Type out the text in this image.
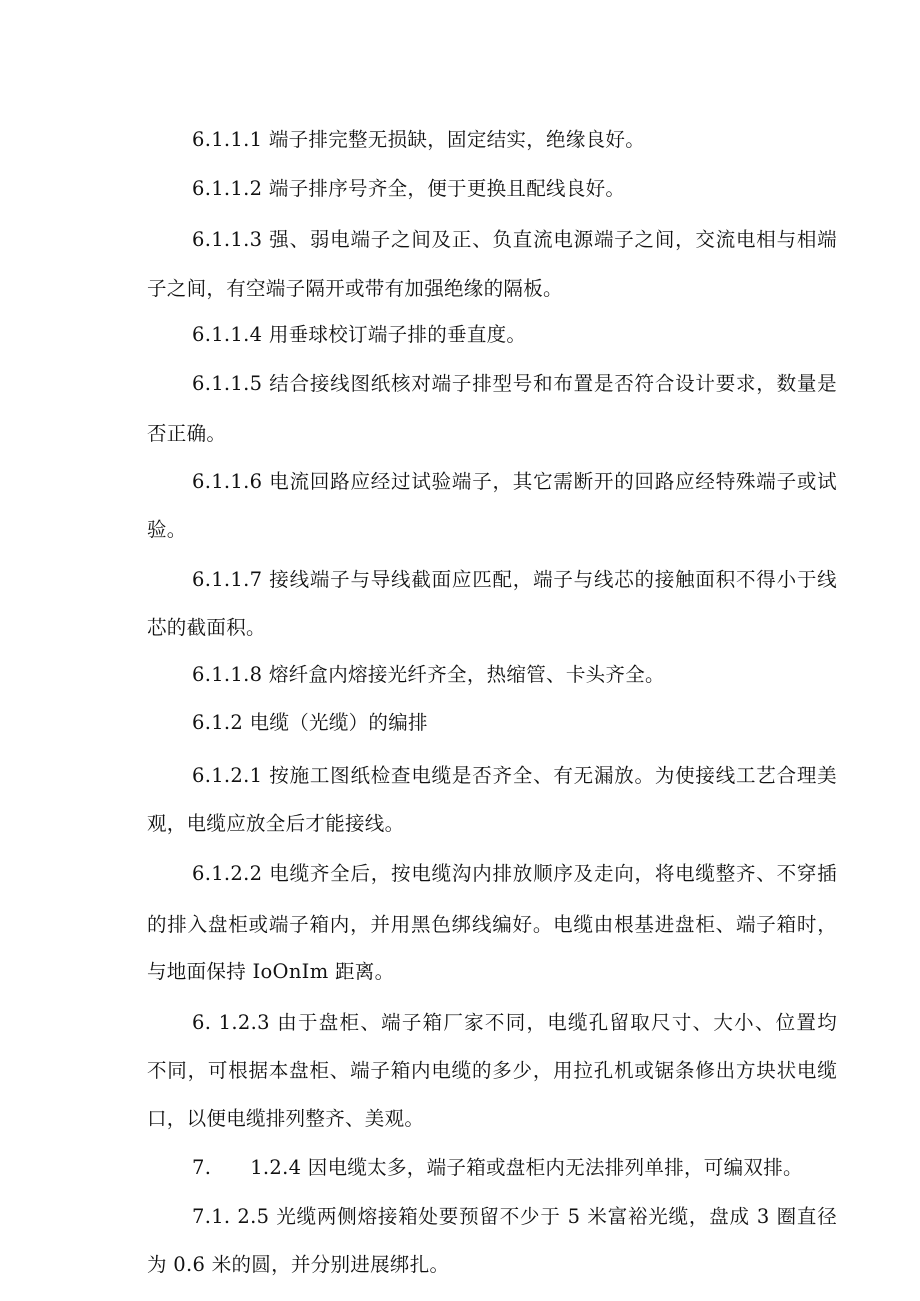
6.1.1.1 端子排完整无损缺，固定结实，绝缘良好。
6.1.1.2 端子排序号齐全，便于更换且配线良好。
6.1.1.3 强、弱电端子之间及正、负直流电源端子之间，交流电相与相端
子之间，有空端子隔开或带有加强绝缘的隔板。
6.1.1.4 用垂球校订端子排的垂直度。
6.1.1.5 结合接线图纸核对端子排型号和布置是否符合设计要求，数量是
否正确。
6.1.1.6 电流回路应经过试验端子，其它需断开的回路应经特殊端子或试
验。
6.1.1.7 接线端子与导线截面应匹配，端子与线芯的接触面积不得小于线
芯的截面积。
6.1.1.8 熔纤盒内熔接光纤齐全，热缩管、卡头齐全。
6.1.2 电缆（光缆）的编排
6.1.2.1 按施工图纸检查电缆是否齐全、有无漏放。为使接线工艺合理美
观，电缆应放全后才能接线。
6.1.2.2 电缆齐全后，按电缆沟内排放顺序及走向，将电缆整齐、不穿插
的排入盘柜或端子箱内，并用黑色绑线编好。电缆由根基进盘柜、端子箱时，
与地面保持 IoOnIm 距离。
6. 1.2.3 由于盘柜、端子箱厂家不同，电缆孔留取尺寸、大小、位置均
不同，可根据本盘柜、端子箱内电缆的多少，用拉孔机或锯条修出方块状电缆
口，以便电缆排列整齐、美观。
7.      1.2.4 因电缆太多，端子箱或盘柜内无法排列单排，可编双排。
7.1. 2.5 光缆两侧熔接箱处要预留不少于 5 米富裕光缆，盘成 3 圈直径
为 0.6 米的圆，并分别进展绑扎。
